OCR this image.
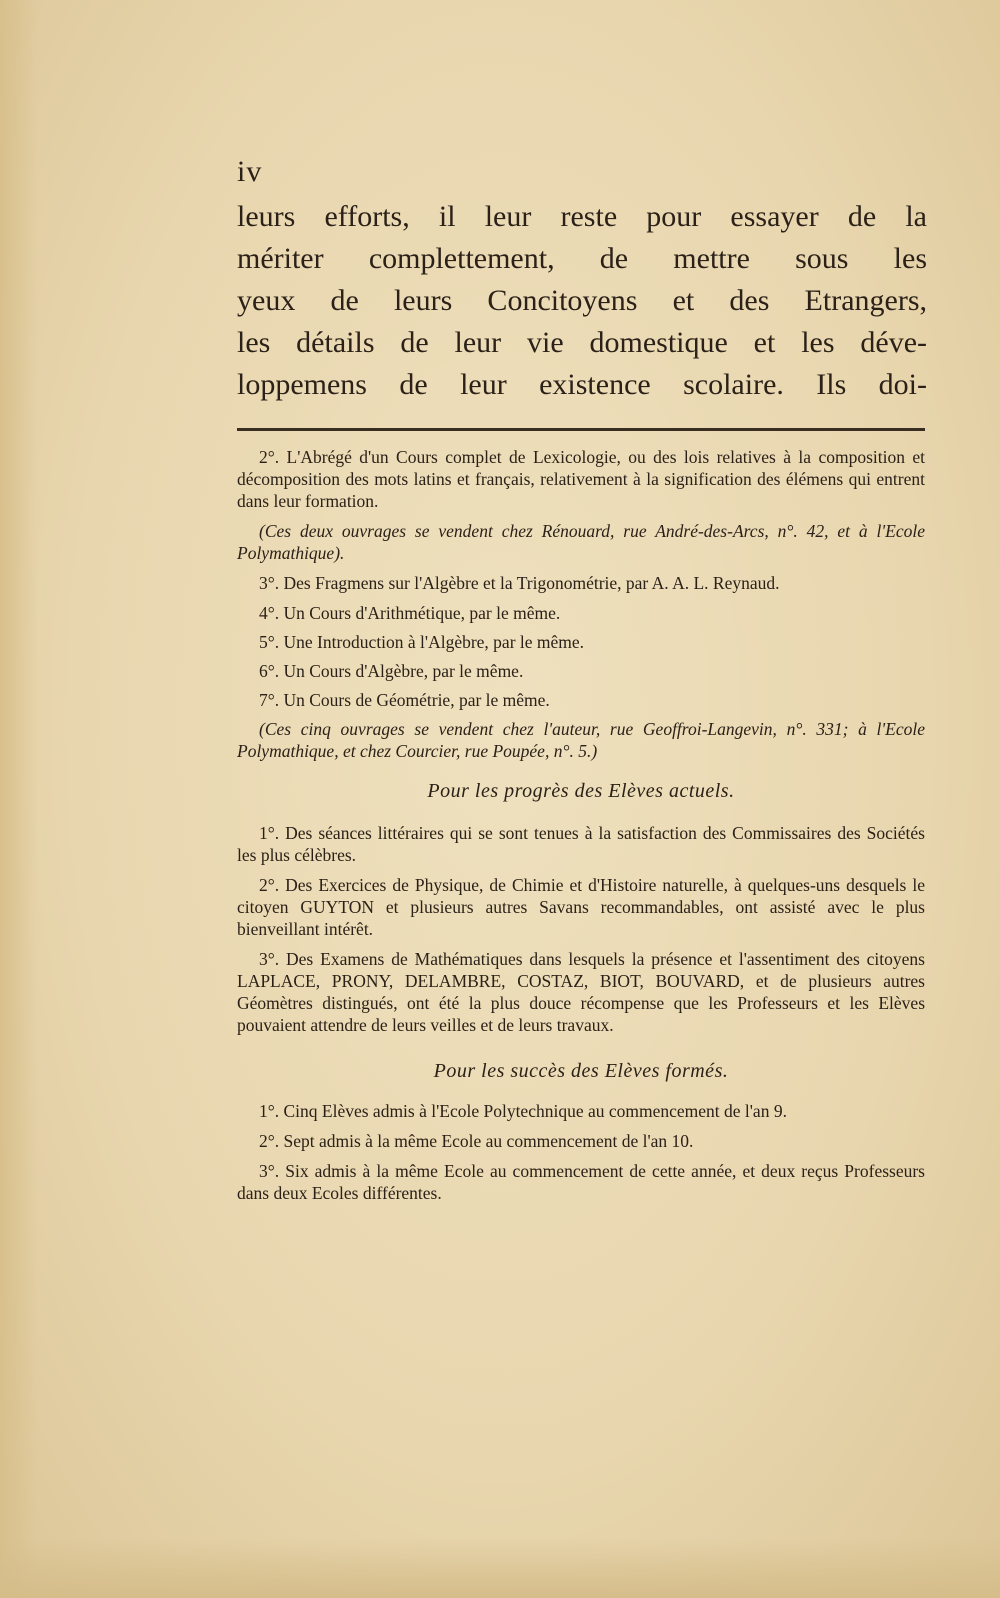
iv
leurs efforts, il leur reste pour essayer de la
mériter complettement, de mettre sous les
yeux de leurs Concitoyens et des Etrangers,
les détails de leur vie domestique et les déve-
loppemens de leur existence scolaire. Ils doi-

2°. L'Abrégé d'un Cours complet de Lexicologie, ou des lois relatives à la composition et décomposition des mots latins et français, relativement à la signification des élémens qui entrent dans leur formation.

(Ces deux ouvrages se vendent chez Rénouard, rue André-des-Arcs, n°. 42, et à l'Ecole Polymathique).

3°. Des Fragmens sur l'Algèbre et la Trigonométrie, par A. A. L. Reynaud.

4°. Un Cours d'Arithmétique, par le même.

5°. Une Introduction à l'Algèbre, par le même.

6°. Un Cours d'Algèbre, par le même.

7°. Un Cours de Géométrie, par le même.

(Ces cinq ouvrages se vendent chez l'auteur, rue Geoffroi-Langevin, n°. 331; à l'Ecole Polymathique, et chez Courcier, rue Poupée, n°. 5.)

Pour les progrès des Elèves actuels.

1°. Des séances littéraires qui se sont tenues à la satisfaction des Commissaires des Sociétés les plus célèbres.

2°. Des Exercices de Physique, de Chimie et d'Histoire naturelle, à quelques-uns desquels le citoyen GUYTON et plusieurs autres Savans recommandables, ont assisté avec le plus bienveillant intérêt.

3°. Des Examens de Mathématiques dans lesquels la présence et l'assentiment des citoyens LAPLACE, PRONY, DELAMBRE, COSTAZ, BIOT, BOUVARD, et de plusieurs autres Géomètres distingués, ont été la plus douce récompense que les Professeurs et les Elèves pouvaient attendre de leurs veilles et de leurs travaux.

Pour les succès des Elèves formés.

1°. Cinq Elèves admis à l'Ecole Polytechnique au commencement de l'an 9.

2°. Sept admis à la même Ecole au commencement de l'an 10.

3°. Six admis à la même Ecole au commencement de cette année, et deux reçus Professeurs dans deux Ecoles différentes.
